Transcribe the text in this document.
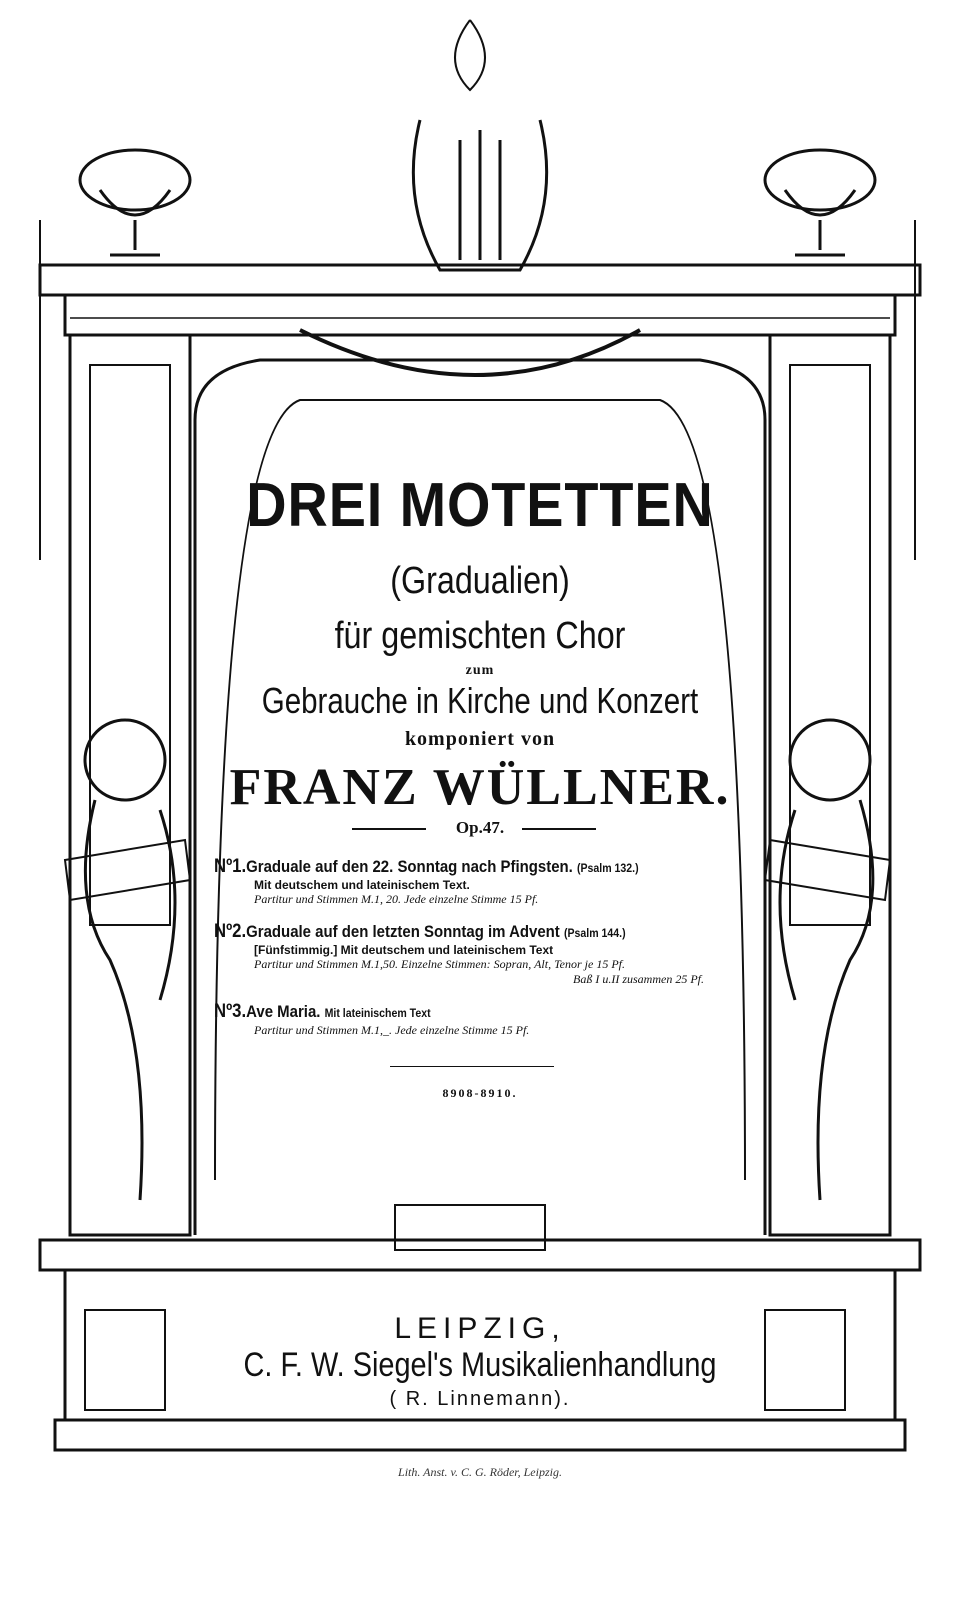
DREI MOTETTEN
(Gradualien)
für gemischten Chor
zum
Gebrauche in Kirche und Konzert
komponiert von
FRANZ WÜLLNER.
Op.47.
Nº1.Graduale auf den 22. Sonntag nach Pfingsten. (Psalm 132.)
Mit deutschem und lateinischem Text.
Partitur und Stimmen M.1, 20. Jede einzelne Stimme 15 Pf.
Nº2.Graduale auf den letzten Sonntag im Advent (Psalm 144.)
[Fünfstimmig.] Mit deutschem und lateinischem Text
Partitur und Stimmen M.1,50. Einzelne Stimmen: Sopran, Alt, Tenor je 15 Pf.
Baß I u.II zusammen 25 Pf.
Nº3.Ave Maria. Mit lateinischem Text
Partitur und Stimmen M.1,_. Jede einzelne Stimme 15 Pf.
8908-8910.
LEIPZIG,
C. F. W. Siegel's Musikalienhandlung
( R. Linnemann).
Lith. Anst. v. C. G. Röder, Leipzig.
